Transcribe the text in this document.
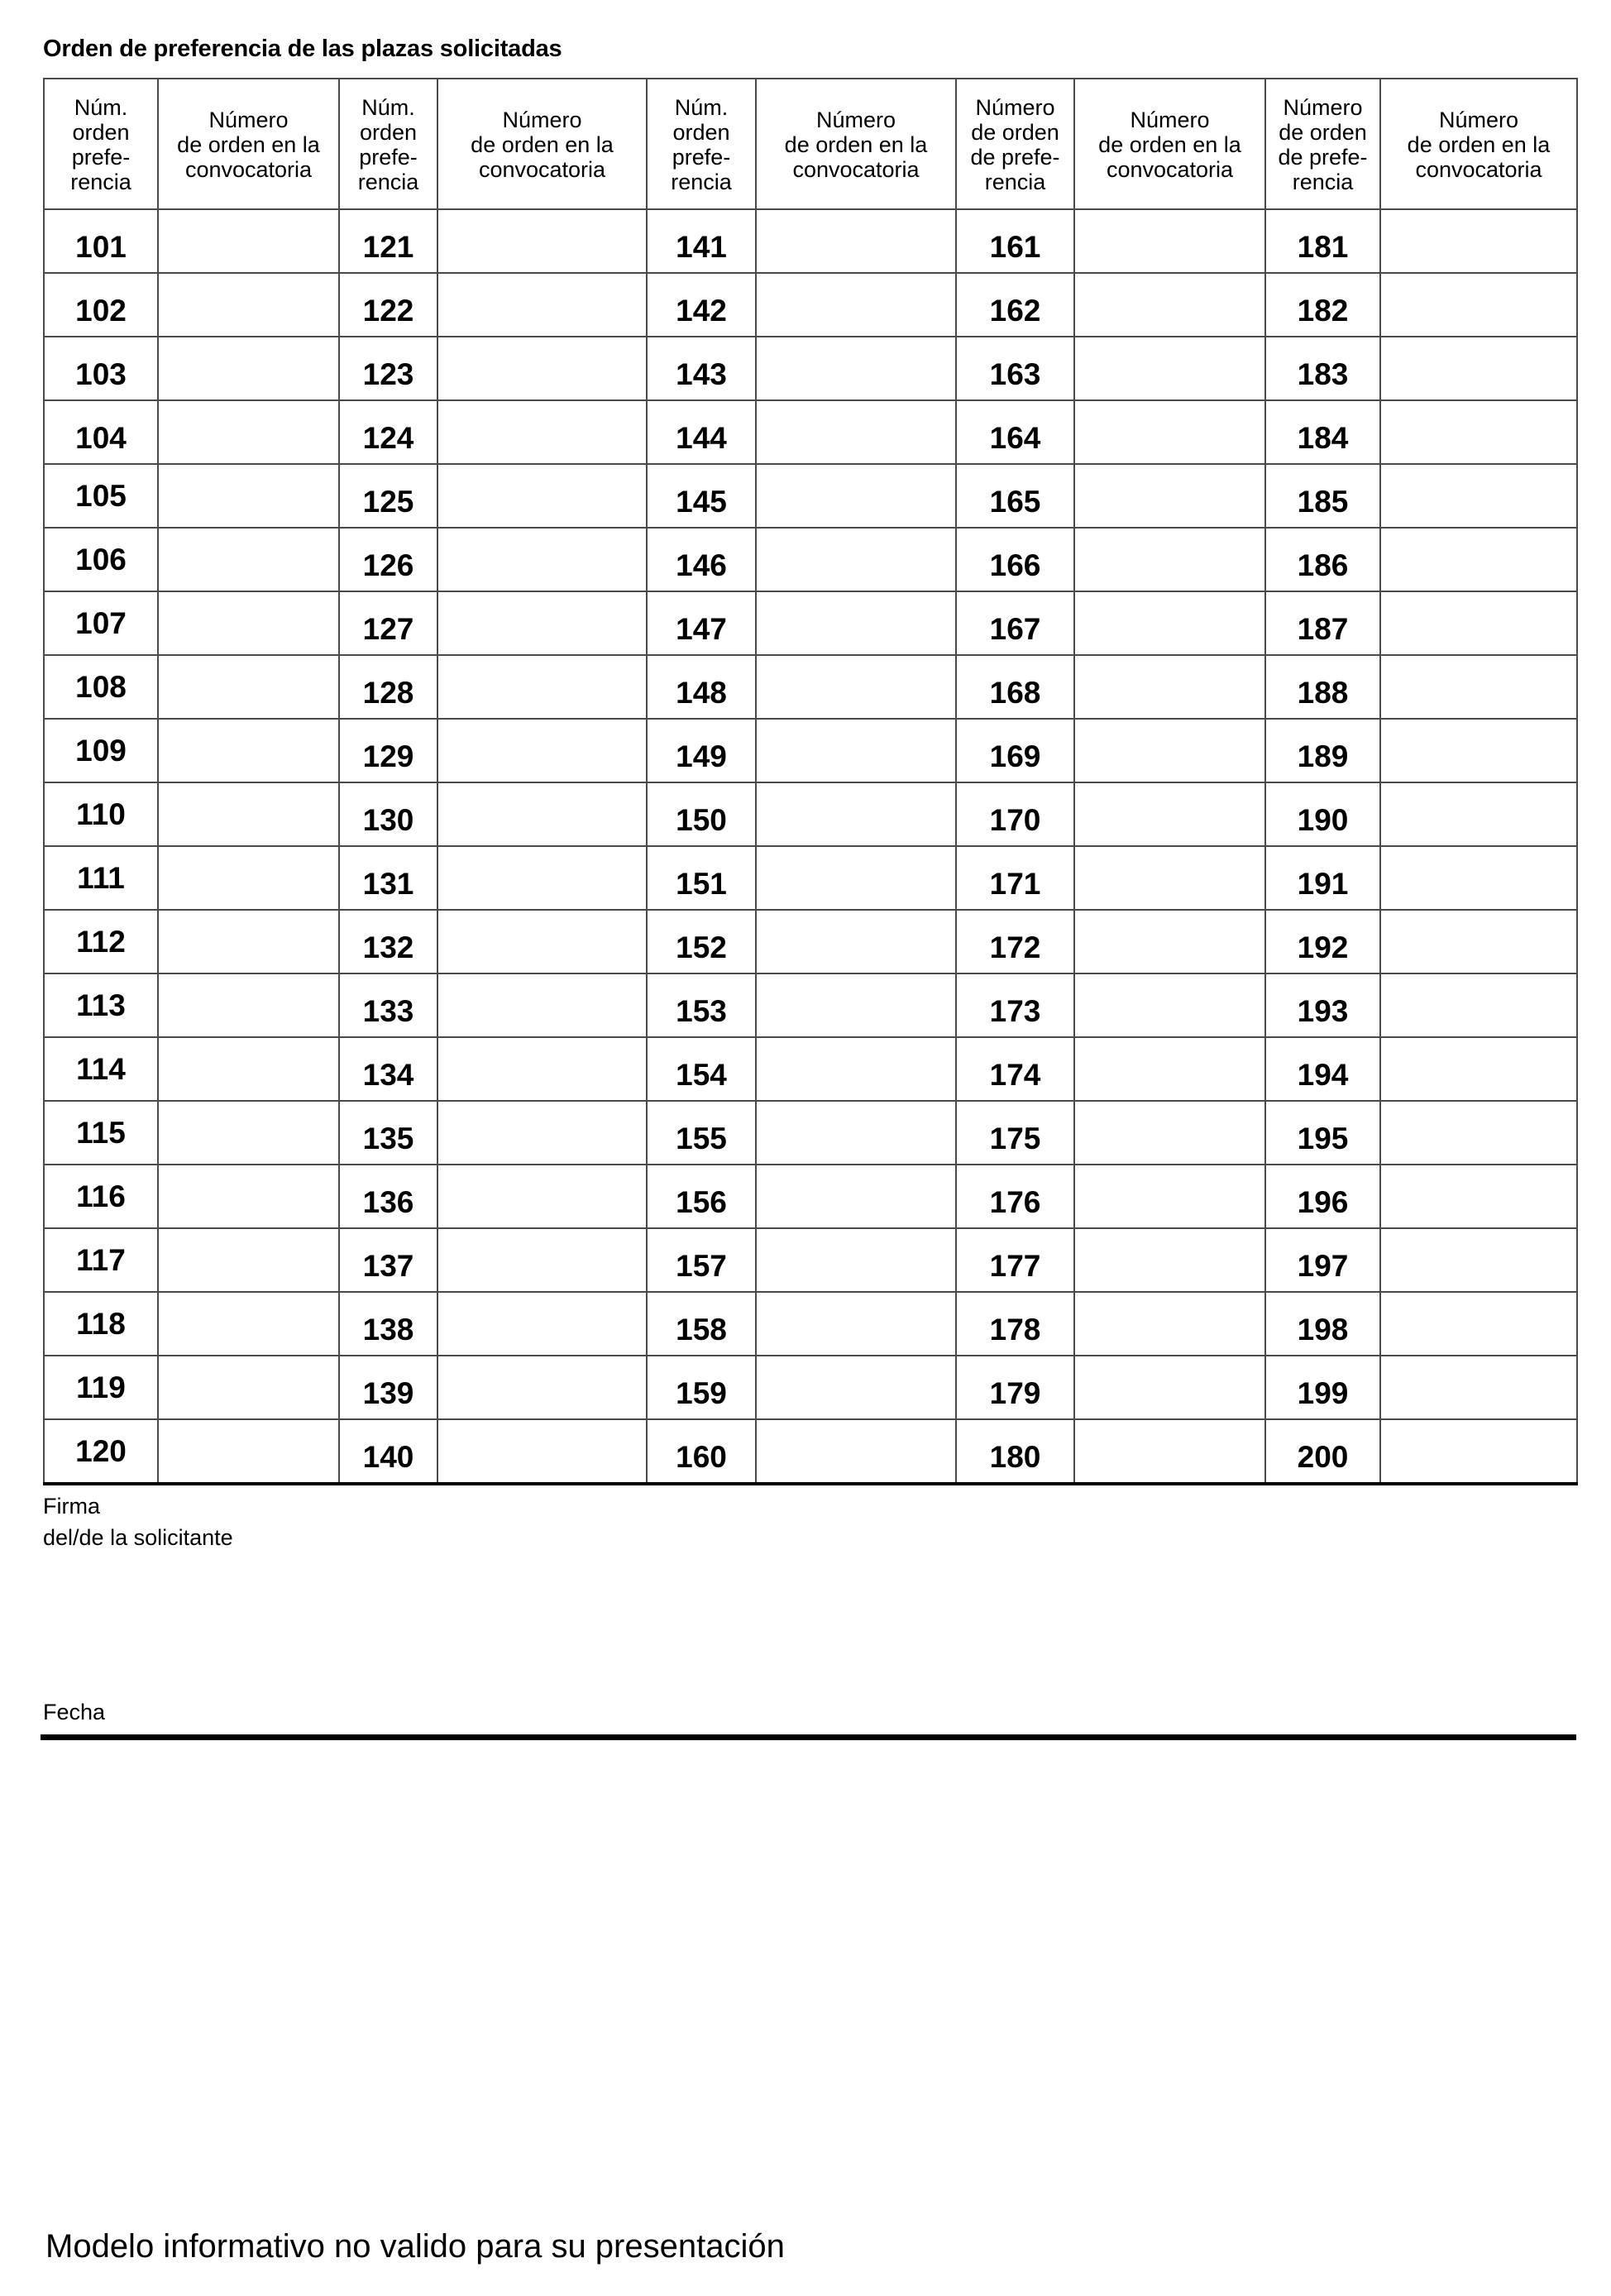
Orden de preferencia de las plazas solicitadas
Núm.
orden
prefe-
rencia

Número
de orden en la
convocatoria

Núm.
orden
prefe-
rencia

Número
de orden en la
convocatoria

Núm.
orden
prefe-
rencia

Número
de orden en la
convocatoria

Número
de orden
de prefe-
rencia

Número
de orden en la
convocatoria

Número
de orden
de prefe-
rencia

Número
de orden en la
convocatoria

101		121		141		161		181	
102		122		142		162		182	
103		123		143		163		183	
104		124		144		164		184	
105		125		145		165		185	
106		126		146		166		186	
107		127		147		167		187	
108		128		148		168		188	
109		129		149		169		189	
110		130		150		170		190	
111		131		151		171		191	
112		132		152		172		192	
113		133		153		173		193	
114		134		154		174		194	
115		135		155		175		195	
116		136		156		176		196	
117		137		157		177		197	
118		138		158		178		198	
119		139		159		179		199	
120		140		160		180		200	
Firma
del/de la solicitante
Fecha
Modelo informativo no valido para su presentación
